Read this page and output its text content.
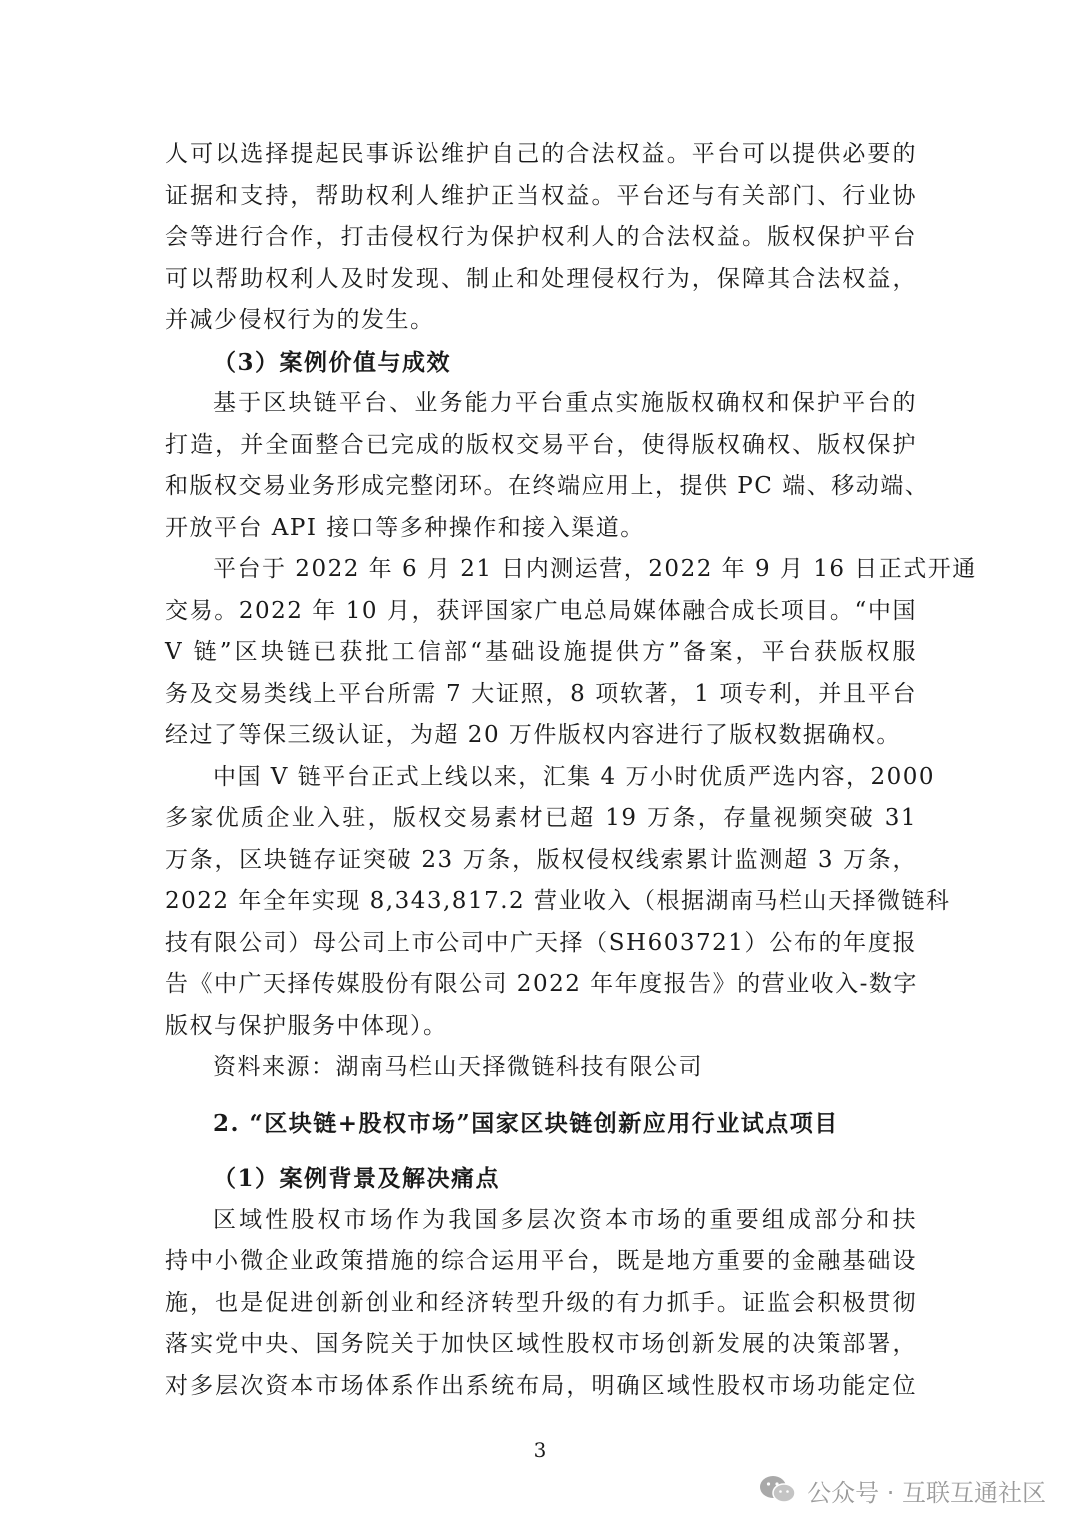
人可以选择提起民事诉讼维护自己的合法权益。平台可以提供必要的
证据和支持，帮助权利人维护正当权益。平台还与有关部门、行业协
会等进行合作，打击侵权行为保护权利人的合法权益。版权保护平台
可以帮助权利人及时发现、制止和处理侵权行为，保障其合法权益，
并减少侵权行为的发生。
（3）案例价值与成效
基于区块链平台、业务能力平台重点实施版权确权和保护平台的
打造，并全面整合已完成的版权交易平台，使得版权确权、版权保护
和版权交易业务形成完整闭环。在终端应用上，提供 PC 端、移动端、
开放平台 API 接口等多种操作和接入渠道。
平台于 2022 年 6 月 21 日内测运营，2022 年 9 月 16 日正式开通
交易。2022 年 10 月，获评国家广电总局媒体融合成长项目。“中国
V 链”区块链已获批工信部“基础设施提供方”备案，平台获版权服
务及交易类线上平台所需 7 大证照，8 项软著，1 项专利，并且平台
经过了等保三级认证，为超 20 万件版权内容进行了版权数据确权。
中国 V 链平台正式上线以来，汇集 4 万小时优质严选内容，2000
多家优质企业入驻，版权交易素材已超 19 万条，存量视频突破 31
万条，区块链存证突破 23 万条，版权侵权线索累计监测超 3 万条，
2022 年全年实现 8,343,817.2 营业收入（根据湖南马栏山天择微链科
技有限公司）母公司上市公司中广天择（SH603721）公布的年度报
告《中广天择传媒股份有限公司 2022 年年度报告》的营业收入-数字
版权与保护服务中体现）。
资料来源：湖南马栏山天择微链科技有限公司
2. “区块链+股权市场”国家区块链创新应用行业试点项目
（1）案例背景及解决痛点
区域性股权市场作为我国多层次资本市场的重要组成部分和扶
持中小微企业政策措施的综合运用平台，既是地方重要的金融基础设
施，也是促进创新创业和经济转型升级的有力抓手。证监会积极贯彻
落实党中央、国务院关于加快区域性股权市场创新发展的决策部署，
对多层次资本市场体系作出系统布局，明确区域性股权市场功能定位
3
公众号 · 互联互通社区
